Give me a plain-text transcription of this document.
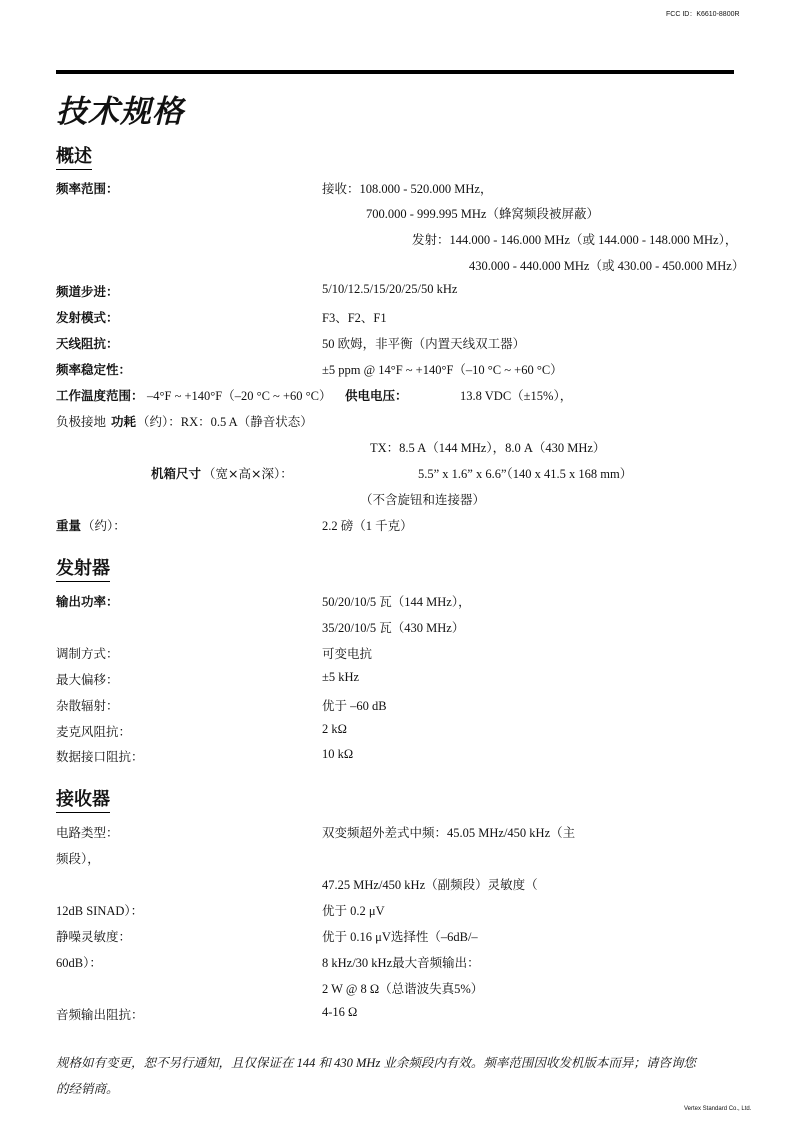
FCC ID：K6610-8800R
技术规格
概述
频率范围：	接收：108.000 - 520.000 MHz，
700.000 - 999.995 MHz（蜂窝频段被屏蔽）
发射：144.000 - 146.000 MHz（或 144.000 - 148.000 MHz），
430.000 - 440.000 MHz（或 430.00 - 450.000 MHz）
频道步进：	5/10/12.5/15/20/25/50 kHz
发射模式：	F3、F2、F1
天线阻抗：	50 欧姆，非平衡（内置天线双工器）
频率稳定性：	±5 ppm @ 14°F ~ +140°F（–10 °C ~ +60 °C）
工作温度范围： –4°F ~ +140°F（–20 °C ~ +60 °C） 供电电压：	13.8 VDC（±15%），
负极接地 功耗 （约）：RX：0.5 A（静音状态）
TX：8.5 A（144 MHz），8.0 A（430 MHz）
机箱尺寸 （宽×高×深）：	5.5” x 1.6” x 6.6”（140 x 41.5 x 168 mm）
（不含旋钮和连接器）
重量 （约）：	2.2 磅（1 千克）
发射器
输出功率：	50/20/10/5 瓦（144 MHz），
35/20/10/5 瓦（430 MHz）
调制方式：	可变电抗
最大偏移：	±5 kHz
杂散辐射：	优于 –60 dB
麦克风阻抗：	2 kΩ
数据接口阻抗：	10 kΩ
接收器
电路类型：	双变频超外差式中频：45.05 MHz/450 kHz（主
频段），
47.25 MHz/450 kHz（副频段）灵敏度（
12dB SINAD）：	优于 0.2 μV
静噪灵敏度：	优于 0.16 μV选择性（–6dB/–
60dB）：	8 kHz/30 kHz最大音频输出：
2 W @ 8 Ω（总谐波失真5%）
音频输出阻抗：	4-16 Ω
规格如有变更，恕不另行通知，且仅保证在 144 和 430 MHz 业余频段内有效。频率范围因收发机版本而异；请咨询您
的经销商。
Vertex Standard Co., Ltd.
